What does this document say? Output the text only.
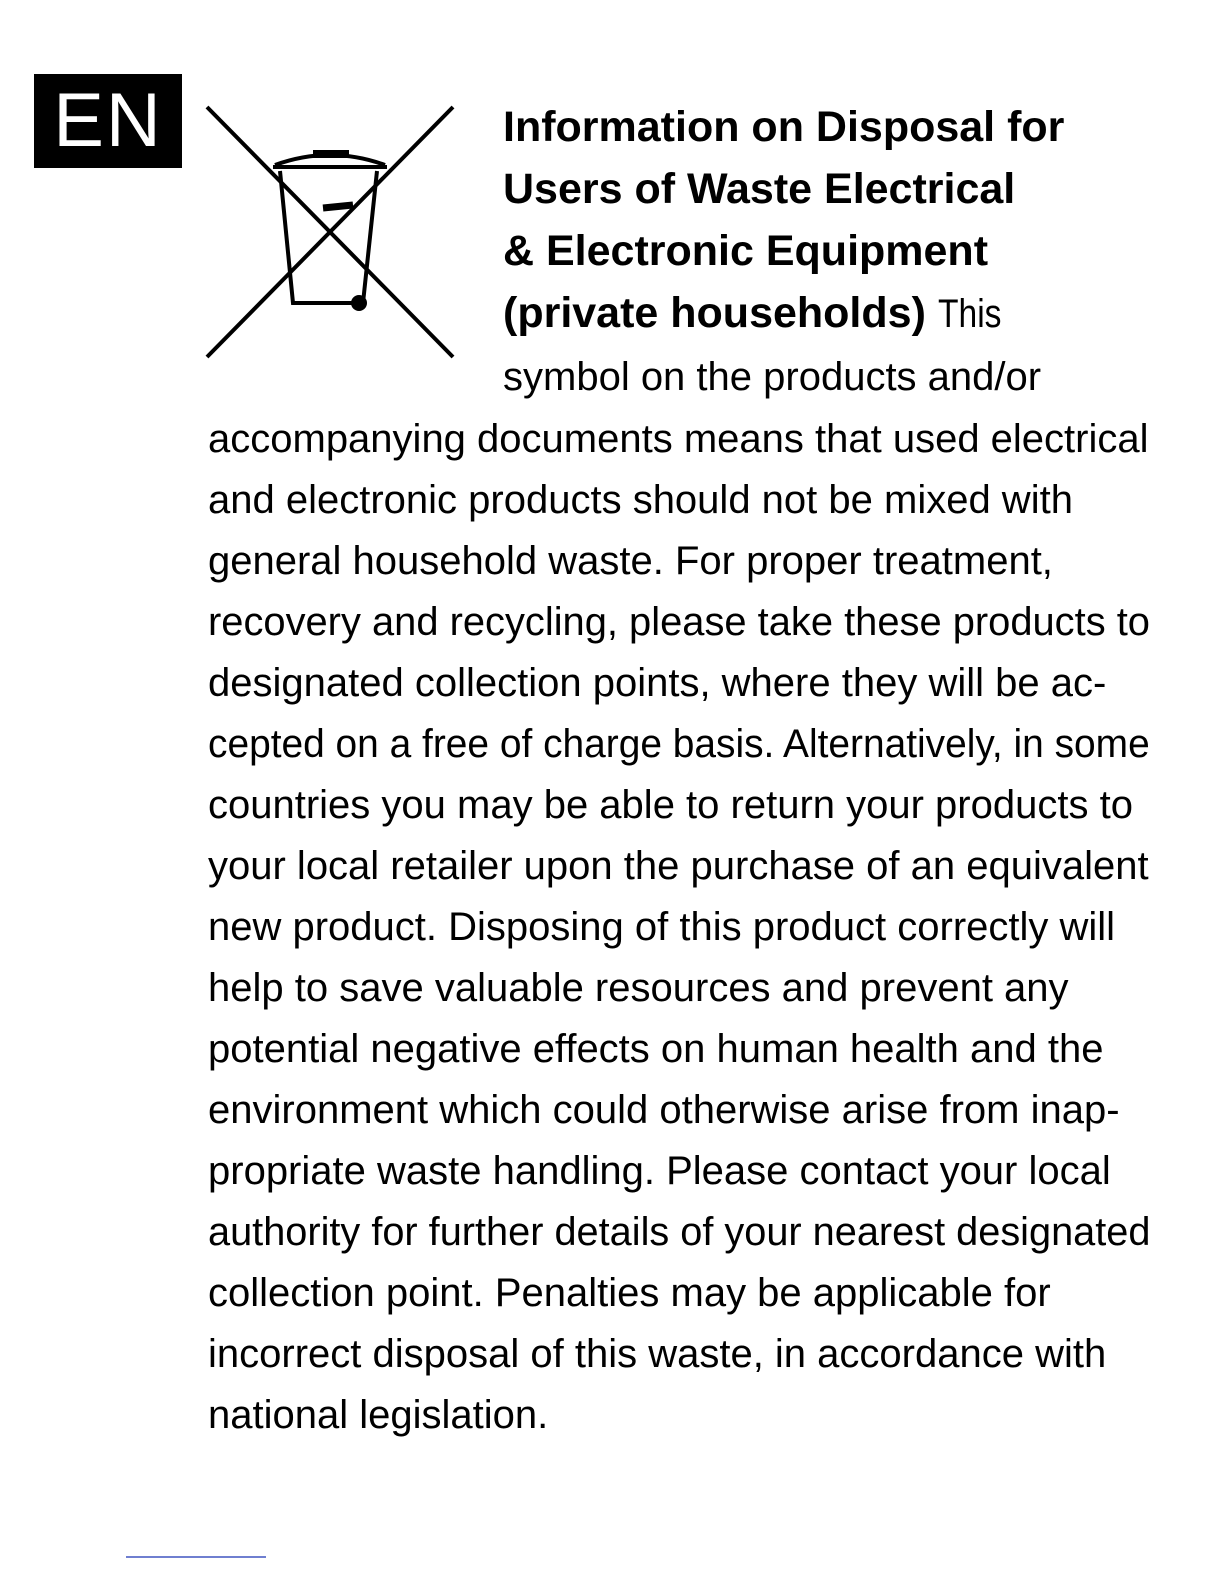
EN	Information on Disposal for
Users of Waste Electrical
& Electronic Equipment
(private households) This
symbol on the products and/or
accompanying documents means that used electrical
and electronic products should not be mixed with
general household waste. For proper treatment,
recovery and recycling, please take these products to
designated collection points, where they will be ac-
cepted on a free of charge basis. Alternatively, in some
countries you may be able to return your products to
your local retailer upon the purchase of an equivalent
new product. Disposing of this product correctly will
help to save valuable resources and prevent any
potential negative effects on human health and the
environment which could otherwise arise from inap-
propriate waste handling. Please contact your local
authority for further details of your nearest designated
collection point. Penalties may be applicable for
incorrect disposal of this waste, in accordance with
national legislation.
